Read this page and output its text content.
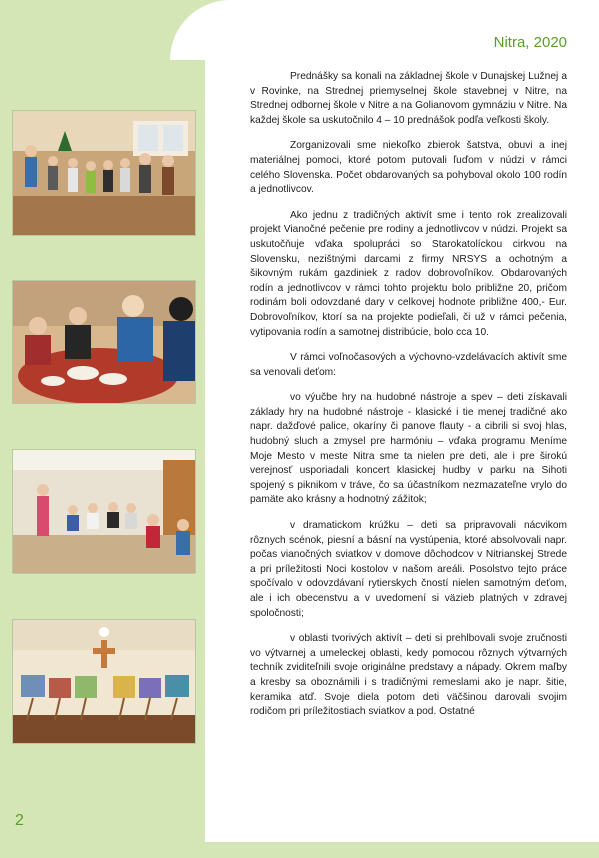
Nitra, 2020

Prednášky sa konali na základnej škole v Dunajskej Lužnej a v Rovinke, na Strednej priemyselnej škole stavebnej v Nitre, na Strednej odbornej škole v Nitre a na Golianovom gymnáziu v Nitre. Na každej škole sa uskutočnilo 4 – 10 prednášok podľa veľkosti školy.

Zorganizovali sme niekoľko zbierok šatstva, obuvi a inej materiálnej pomoci, ktoré potom putovali ľuďom v núdzi v rámci celého Slovenska. Počet obdarovaných sa pohyboval okolo 100 rodín a jednotlivcov.

Ako jednu z tradičných aktivít sme i tento rok zrealizovali projekt Vianočné pečenie pre rodiny a jednotlivcov v núdzi. Projekt sa uskutočňuje vďaka spolupráci so Starokatolíckou cirkvou na Slovensku, nezištnými darcami z firmy NRSYS a ochotným a šikovným rukám gazdiniek z radov dobrovoľníkov. Obdarovaných rodín a jednotlivcov v rámci tohto projektu bolo približne 20, pričom rodinám boli odovzdané dary v celkovej hodnote približne 400,- Eur. Dobrovoľníkov, ktorí sa na projekte podieľali, či už v rámci pečenia, vytipovania rodín a samotnej distribúcie, bolo cca 10.

V rámci voľnočasových a výchovno-vzdelávacích aktivít sme sa venovali deťom:

vo výučbe hry na hudobné nástroje a spev – deti získavali základy hry na hudobné nástroje - klasické i tie menej tradičné ako napr. dažďové palice, okaríny či panove flauty - a cibrili si svoj hlas, hudobný sluch a zmysel pre harmóniu – vďaka programu Meníme Moje Mesto v meste Nitra sme ta nielen pre deti, ale i pre širokú verejnosť usporiadali koncert klasickej hudby v parku na Sihoti spojený s piknikom v tráve, čo sa účastníkom nezmazateľne vrylo do pamäte ako krásny a hodnotný zážitok;

v dramatickom krúžku – deti sa pripravovali nácvikom rôznych scénok, piesní a básní na vystúpenia, ktoré absolvovali napr. počas vianočných sviatkov v domove dôchodcov v Nitrianskej Strede a pri príležitosti Noci kostolov v našom areáli. Posolstvo tejto práce spočívalo v odovzdávaní rytierskych čností nielen samotným deťom, ale i ich obecenstvu a v uvedomení si väzieb platných v zdravej spoločnosti;

v oblasti tvorivých aktivít – deti si prehlbovali svoje zručnosti vo výtvarnej a umeleckej oblasti, kedy pomocou rôznych výtvarných techník zviditeľnili svoje originálne predstavy a nápady. Okrem maľby a kresby sa oboznámili i s tradičnými remeslami ako je napr. šitie, keramika atď. Svoje diela potom deti väčšinou darovali svojim rodičom pri príležitostiach sviatkov a pod. Ostatné

2
